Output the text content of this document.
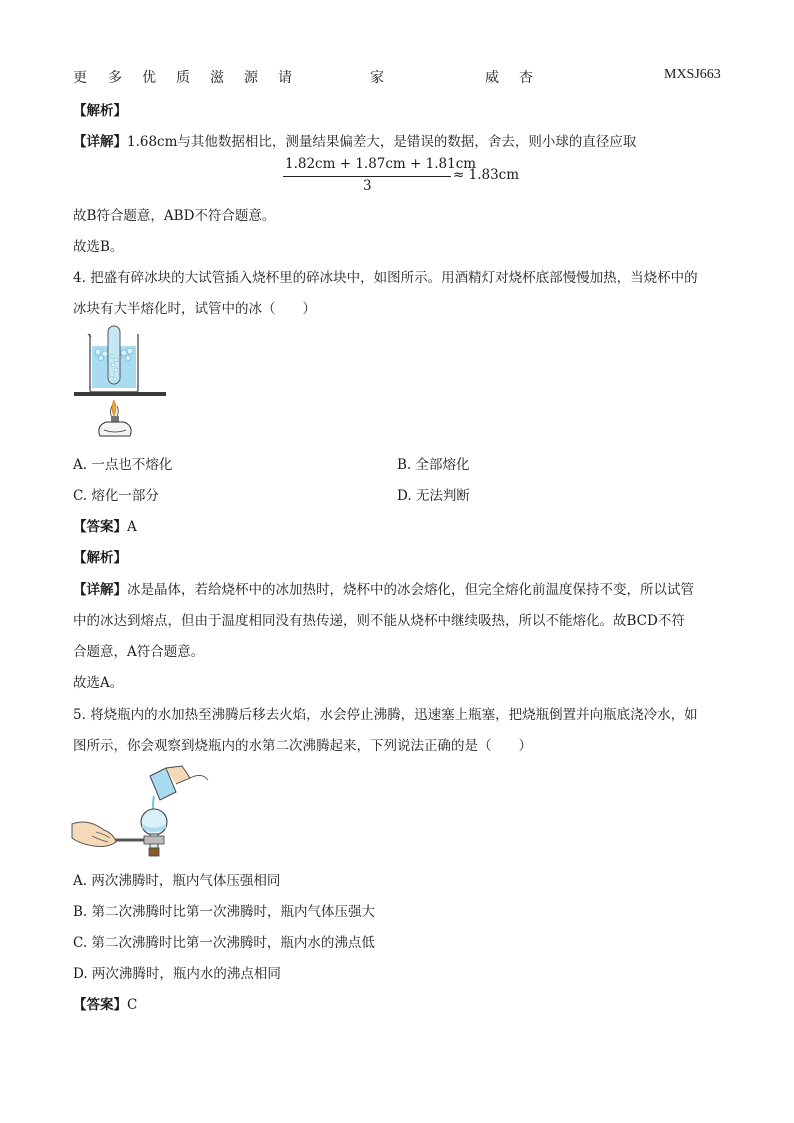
更 多 优 质 滋 源 请	家	威 杏	MXSJ663
【解析】
【详解】1.68cm与其他数据相比，测量结果偏差大，是错误的数据，舍去，则小球的直径应取
1.82cm + 1.87cm + 1.81cm
3
≈ 1.83cm
故B符合题意，ABD不符合题意。
故选B。
4. 把盛有碎冰块的大试管插入烧杯里的碎冰块中，如图所示。用酒精灯对烧杯底部慢慢加热，当烧杯中的
冰块有大半熔化时，试管中的冰（　　）
A. 一点也不熔化	B. 全部熔化
C. 熔化一部分	D. 无法判断
【答案】A
【解析】
【详解】冰是晶体，若给烧杯中的冰加热时，烧杯中的冰会熔化，但完全熔化前温度保持不变，所以试管
中的冰达到熔点，但由于温度相同没有热传递，则不能从烧杯中继续吸热，所以不能熔化。故BCD不符
合题意，A符合题意。
故选A。
5. 将烧瓶内的水加热至沸腾后移去火焰，水会停止沸腾，迅速塞上瓶塞，把烧瓶倒置并向瓶底浇冷水，如
图所示，你会观察到烧瓶内的水第二次沸腾起来，下列说法正确的是（　　）
A. 两次沸腾时，瓶内气体压强相同
B. 第二次沸腾时比第一次沸腾时，瓶内气体压强大
C. 第二次沸腾时比第一次沸腾时，瓶内水的沸点低
D. 两次沸腾时，瓶内水的沸点相同
【答案】C
